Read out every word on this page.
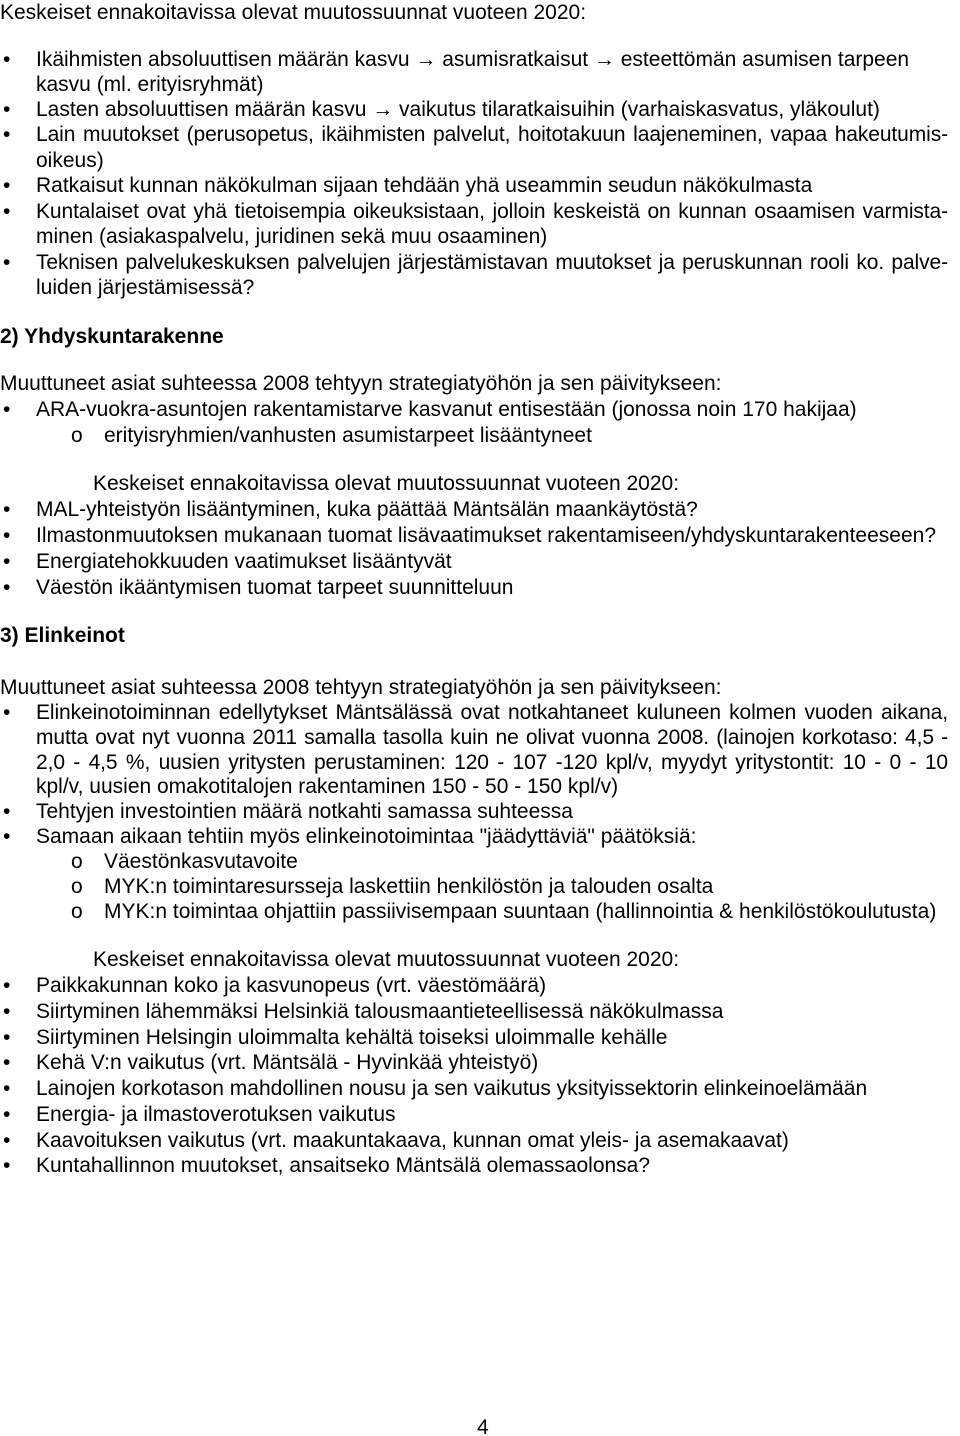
Keskeiset ennakoitavissa olevat muutossuunnat vuoteen 2020:
• Ikäihmisten absoluuttisen määrän kasvu → asumisratkaisut → esteettömän asumisen tarpeen
kasvu (ml. erityisryhmät)
• Lasten absoluuttisen määrän kasvu → vaikutus tilaratkaisuihin (varhaiskasvatus, yläkoulut)
• Lain muutokset (perusopetus, ikäihmisten palvelut, hoitotakuun laajeneminen, vapaa hakeutumis-
oikeus)
• Ratkaisut kunnan näkökulman sijaan tehdään yhä useammin seudun näkökulmasta
• Kuntalaiset ovat yhä tietoisempia oikeuksistaan, jolloin keskeistä on kunnan osaamisen varmista-
minen (asiakaspalvelu, juridinen sekä muu osaaminen)
• Teknisen palvelukeskuksen palvelujen järjestämistavan muutokset ja peruskunnan rooli ko. palve-
luiden järjestämisessä?
2) Yhdyskuntarakenne
Muuttuneet asiat suhteessa 2008 tehtyyn strategiatyöhön ja sen päivitykseen:
• ARA-vuokra-asuntojen rakentamistarve kasvanut entisestään (jonossa noin 170 hakijaa)
o erityisryhmien/vanhusten asumistarpeet lisääntyneet
Keskeiset ennakoitavissa olevat muutossuunnat vuoteen 2020:
• MAL-yhteistyön lisääntyminen, kuka päättää Mäntsälän maankäytöstä?
• Ilmastonmuutoksen mukanaan tuomat lisävaatimukset rakentamiseen/yhdyskuntarakenteeseen?
• Energiatehokkuuden vaatimukset lisääntyvät
• Väestön ikääntymisen tuomat tarpeet suunnitteluun
3) Elinkeinot
Muuttuneet asiat suhteessa 2008 tehtyyn strategiatyöhön ja sen päivitykseen:
• Elinkeinotoiminnan edellytykset Mäntsälässä ovat notkahtaneet kuluneen kolmen vuoden aikana,
mutta ovat nyt vuonna 2011 samalla tasolla kuin ne olivat vuonna 2008. (lainojen korkotaso: 4,5 -
2,0 - 4,5 %, uusien yritysten perustaminen: 120 - 107 -120 kpl/v, myydyt yritystontit: 10 - 0 - 10
kpl/v, uusien omakotitalojen rakentaminen 150 - 50 - 150 kpl/v)
• Tehtyjen investointien määrä notkahti samassa suhteessa
• Samaan aikaan tehtiin myös elinkeinotoimintaa "jäädyttäviä" päätöksiä:
o Väestönkasvutavoite
o MYK:n toimintaresursseja laskettiin henkilöstön ja talouden osalta
o MYK:n toimintaa ohjattiin passiivisempaan suuntaan (hallinnointia & henkilöstökoulutusta)
Keskeiset ennakoitavissa olevat muutossuunnat vuoteen 2020:
• Paikkakunnan koko ja kasvunopeus (vrt. väestömäärä)
• Siirtyminen lähemmäksi Helsinkiä talousmaantieteellisessä näkökulmassa
• Siirtyminen Helsingin uloimmalta kehältä toiseksi uloimmalle kehälle
• Kehä V:n vaikutus (vrt. Mäntsälä - Hyvinkää yhteistyö)
• Lainojen korkotason mahdollinen nousu ja sen vaikutus yksityissektorin elinkeinoelämään
• Energia- ja ilmastoverotuksen vaikutus
• Kaavoituksen vaikutus (vrt. maakuntakaava, kunnan omat yleis- ja asemakaavat)
• Kuntahallinnon muutokset, ansaitseko Mäntsälä olemassaolonsa?
4
